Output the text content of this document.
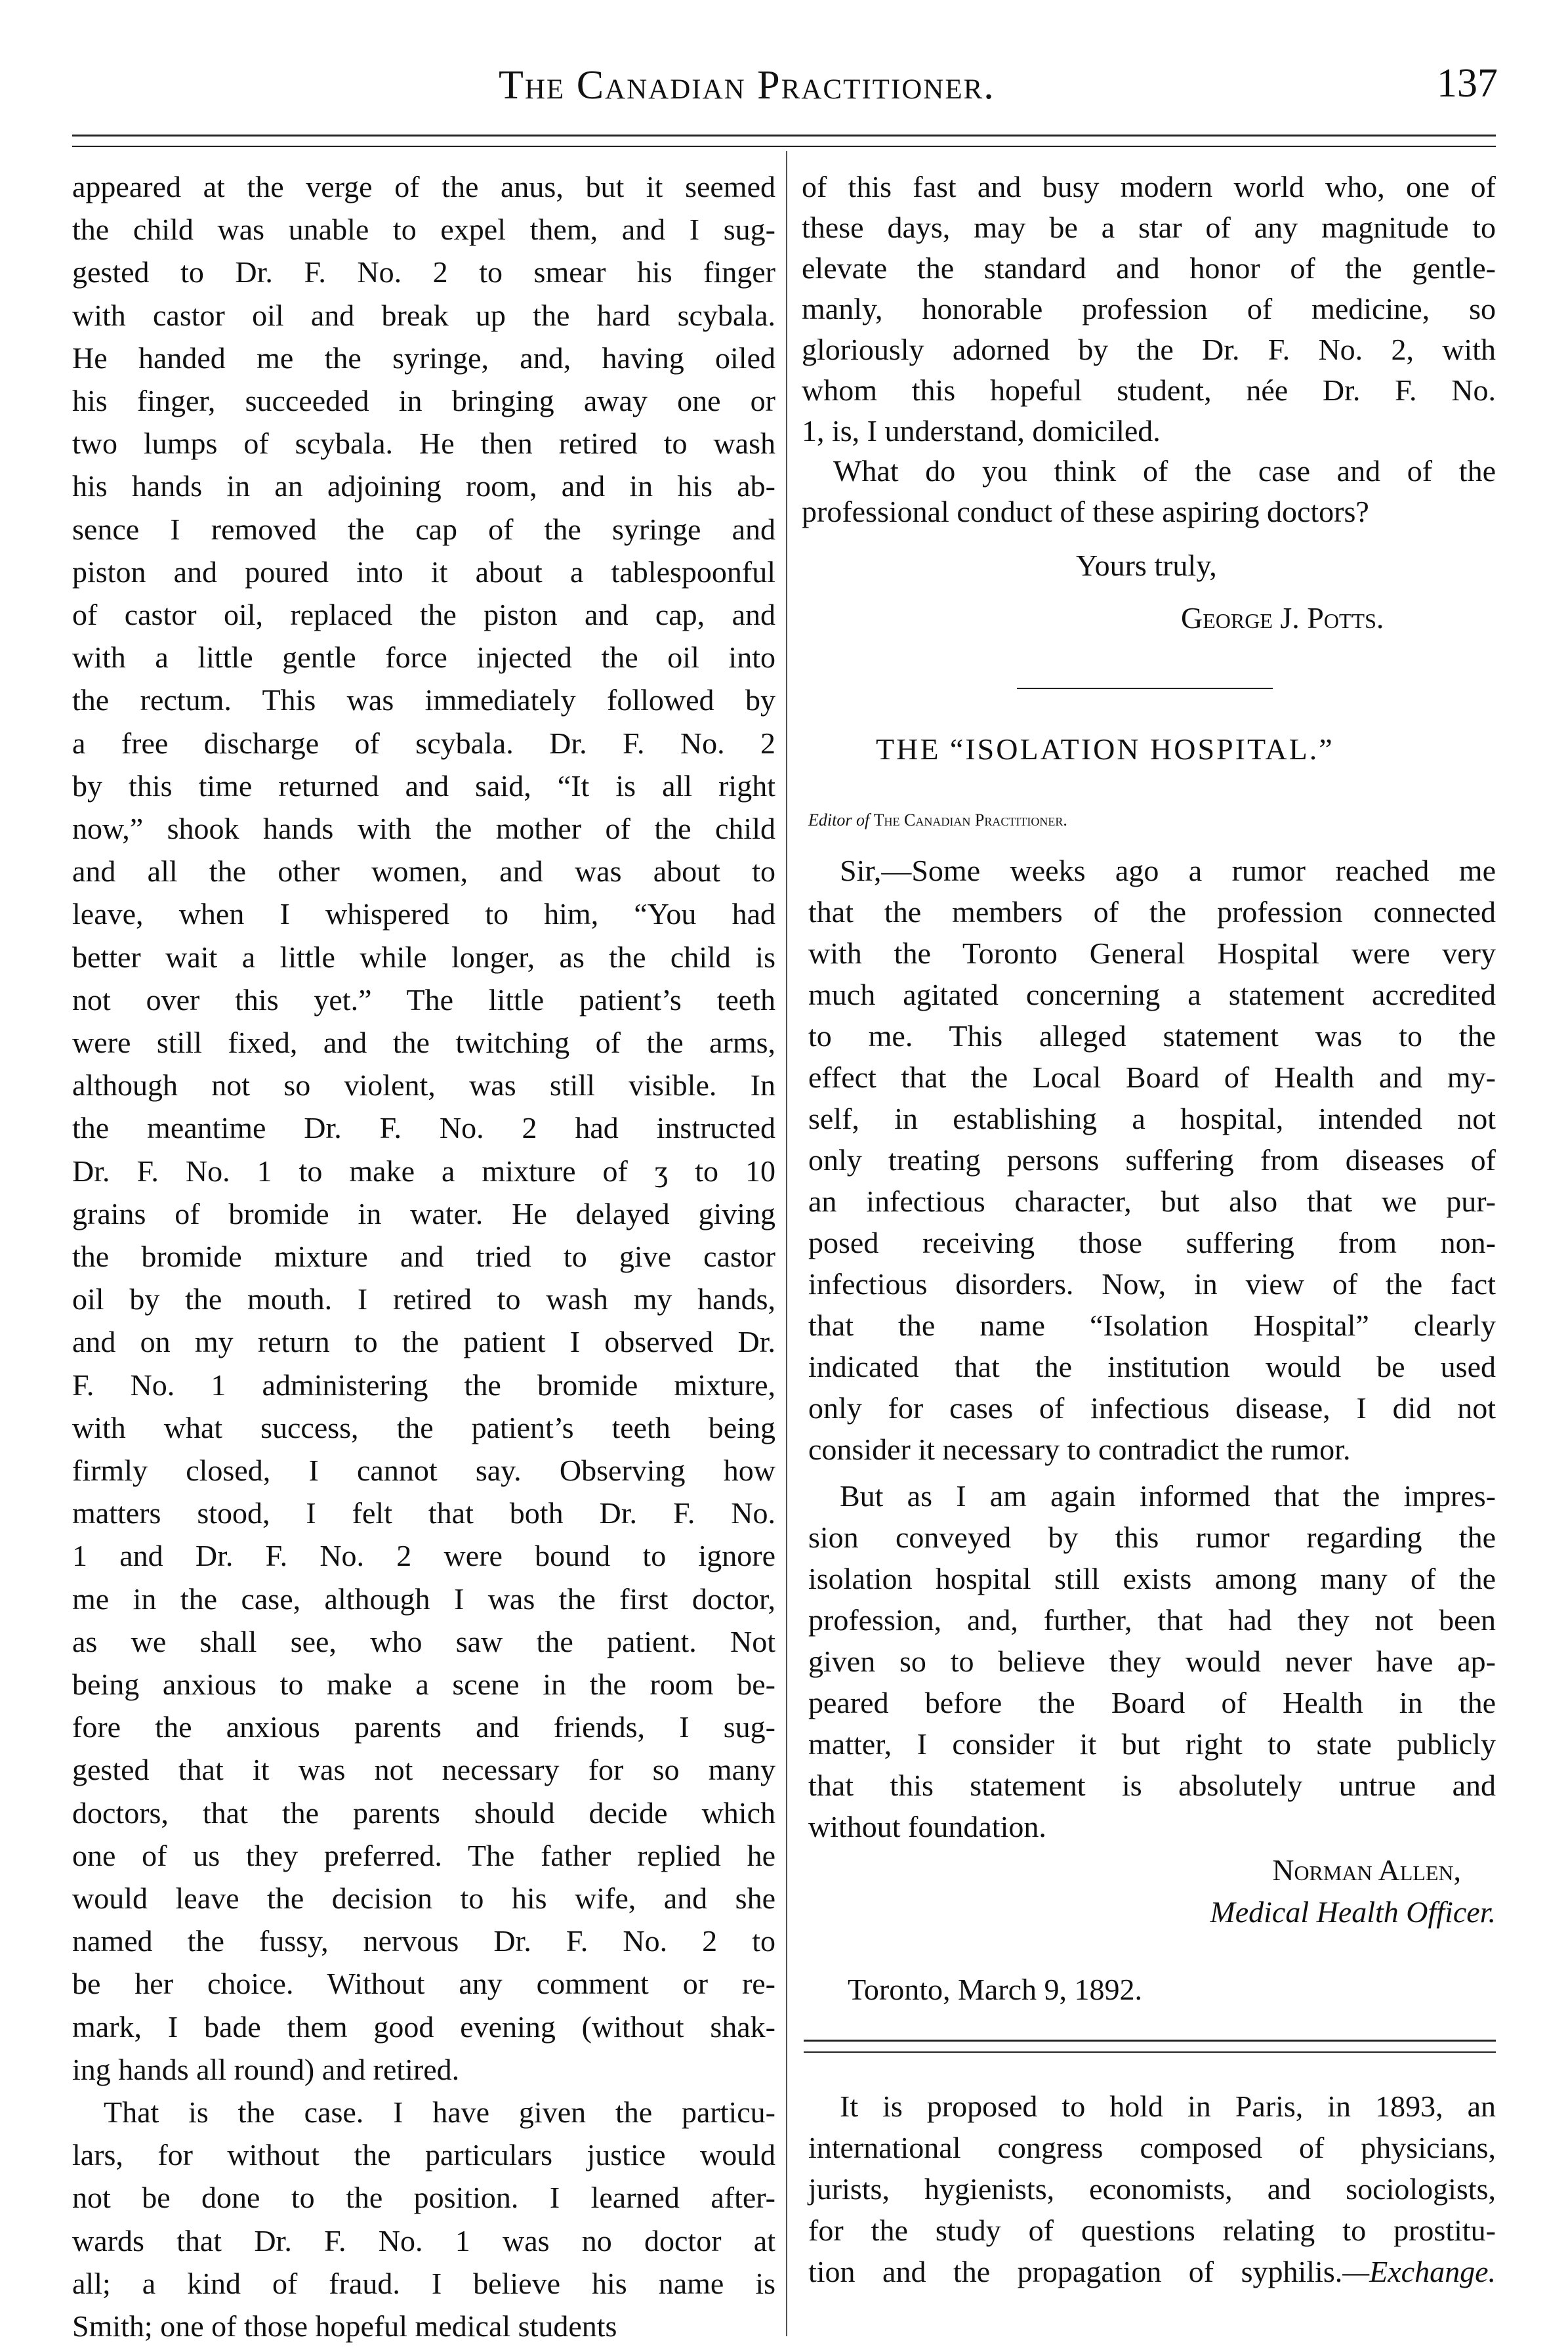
The Canadian Practitioner.	137
appeared at the verge of the anus, but it seemed
the child was unable to expel them, and I sug-
gested to Dr. F. No. 2 to smear his finger
with castor oil and break up the hard scybala.
He handed me the syringe, and, having oiled
his finger, succeeded in bringing away one or
two lumps of scybala. He then retired to wash
his hands in an adjoining room, and in his ab-
sence I removed the cap of the syringe and
piston and poured into it about a tablespoonful
of castor oil, replaced the piston and cap, and
with a little gentle force injected the oil into
the rectum. This was immediately followed by
a free discharge of scybala. Dr. F. No. 2
by this time returned and said, “It is all right
now,” shook hands with the mother of the child
and all the other women, and was about to
leave, when I whispered to him, “You had
better wait a little while longer, as the child is
not over this yet.” The little patient’s teeth
were still fixed, and the twitching of the arms,
although not so violent, was still visible. In
the meantime Dr. F. No. 2 had instructed
Dr. F. No. 1 to make a mixture of ʒ to 10
grains of bromide in water. He delayed giving
the bromide mixture and tried to give castor
oil by the mouth. I retired to wash my hands,
and on my return to the patient I observed Dr.
F. No. 1 administering the bromide mixture,
with what success, the patient’s teeth being
firmly closed, I cannot say. Observing how
matters stood, I felt that both Dr. F. No.
1 and Dr. F. No. 2 were bound to ignore
me in the case, although I was the first doctor,
as we shall see, who saw the patient. Not
being anxious to make a scene in the room be-
fore the anxious parents and friends, I sug-
gested that it was not necessary for so many
doctors, that the parents should decide which
one of us they preferred. The father replied he
would leave the decision to his wife, and she
named the fussy, nervous Dr. F. No. 2 to
be her choice. Without any comment or re-
mark, I bade them good evening (without shak-
ing hands all round) and retired.
That is the case. I have given the particu-
lars, for without the particulars justice would
not be done to the position. I learned after-
wards that Dr. F. No. 1 was no doctor at
all; a kind of fraud. I believe his name is
Smith; one of those hopeful medical students
of this fast and busy modern world who, one of
these days, may be a star of any magnitude to
elevate the standard and honor of the gentle-
manly, honorable profession of medicine, so
gloriously adorned by the Dr. F. No. 2, with
whom this hopeful student, née Dr. F. No.
1, is, I understand, domiciled.
What do you think of the case and of the
professional conduct of these aspiring doctors?
Sir,—Some weeks ago a rumor reached me
that the members of the profession connected
with the Toronto General Hospital were very
much agitated concerning a statement accredited
to me. This alleged statement was to the
effect that the Local Board of Health and my-
self, in establishing a hospital, intended not
only treating persons suffering from diseases of
an infectious character, but also that we pur-
posed receiving those suffering from non-
infectious disorders. Now, in view of the fact
that the name “Isolation Hospital” clearly
indicated that the institution would be used
only for cases of infectious disease, I did not
consider it necessary to contradict the rumor.
But as I am again informed that the impres-
sion conveyed by this rumor regarding the
isolation hospital still exists among many of the
profession, and, further, that had they not been
given so to believe they would never have ap-
peared before the Board of Health in the
matter, I consider it but right to state publicly
that this statement is absolutely untrue and
without foundation.
It is proposed to hold in Paris, in 1893, an
international congress composed of physicians,
jurists, hygienists, economists, and sociologists,
for the study of questions relating to prostitu-
tion and the propagation of syphilis.—Exchange.
Yours truly,
George J. Potts.
THE “ISOLATION HOSPITAL.”
Editor of The Canadian Practitioner.
Norman Allen,
Medical Health Officer.
Toronto, March 9, 1892.
